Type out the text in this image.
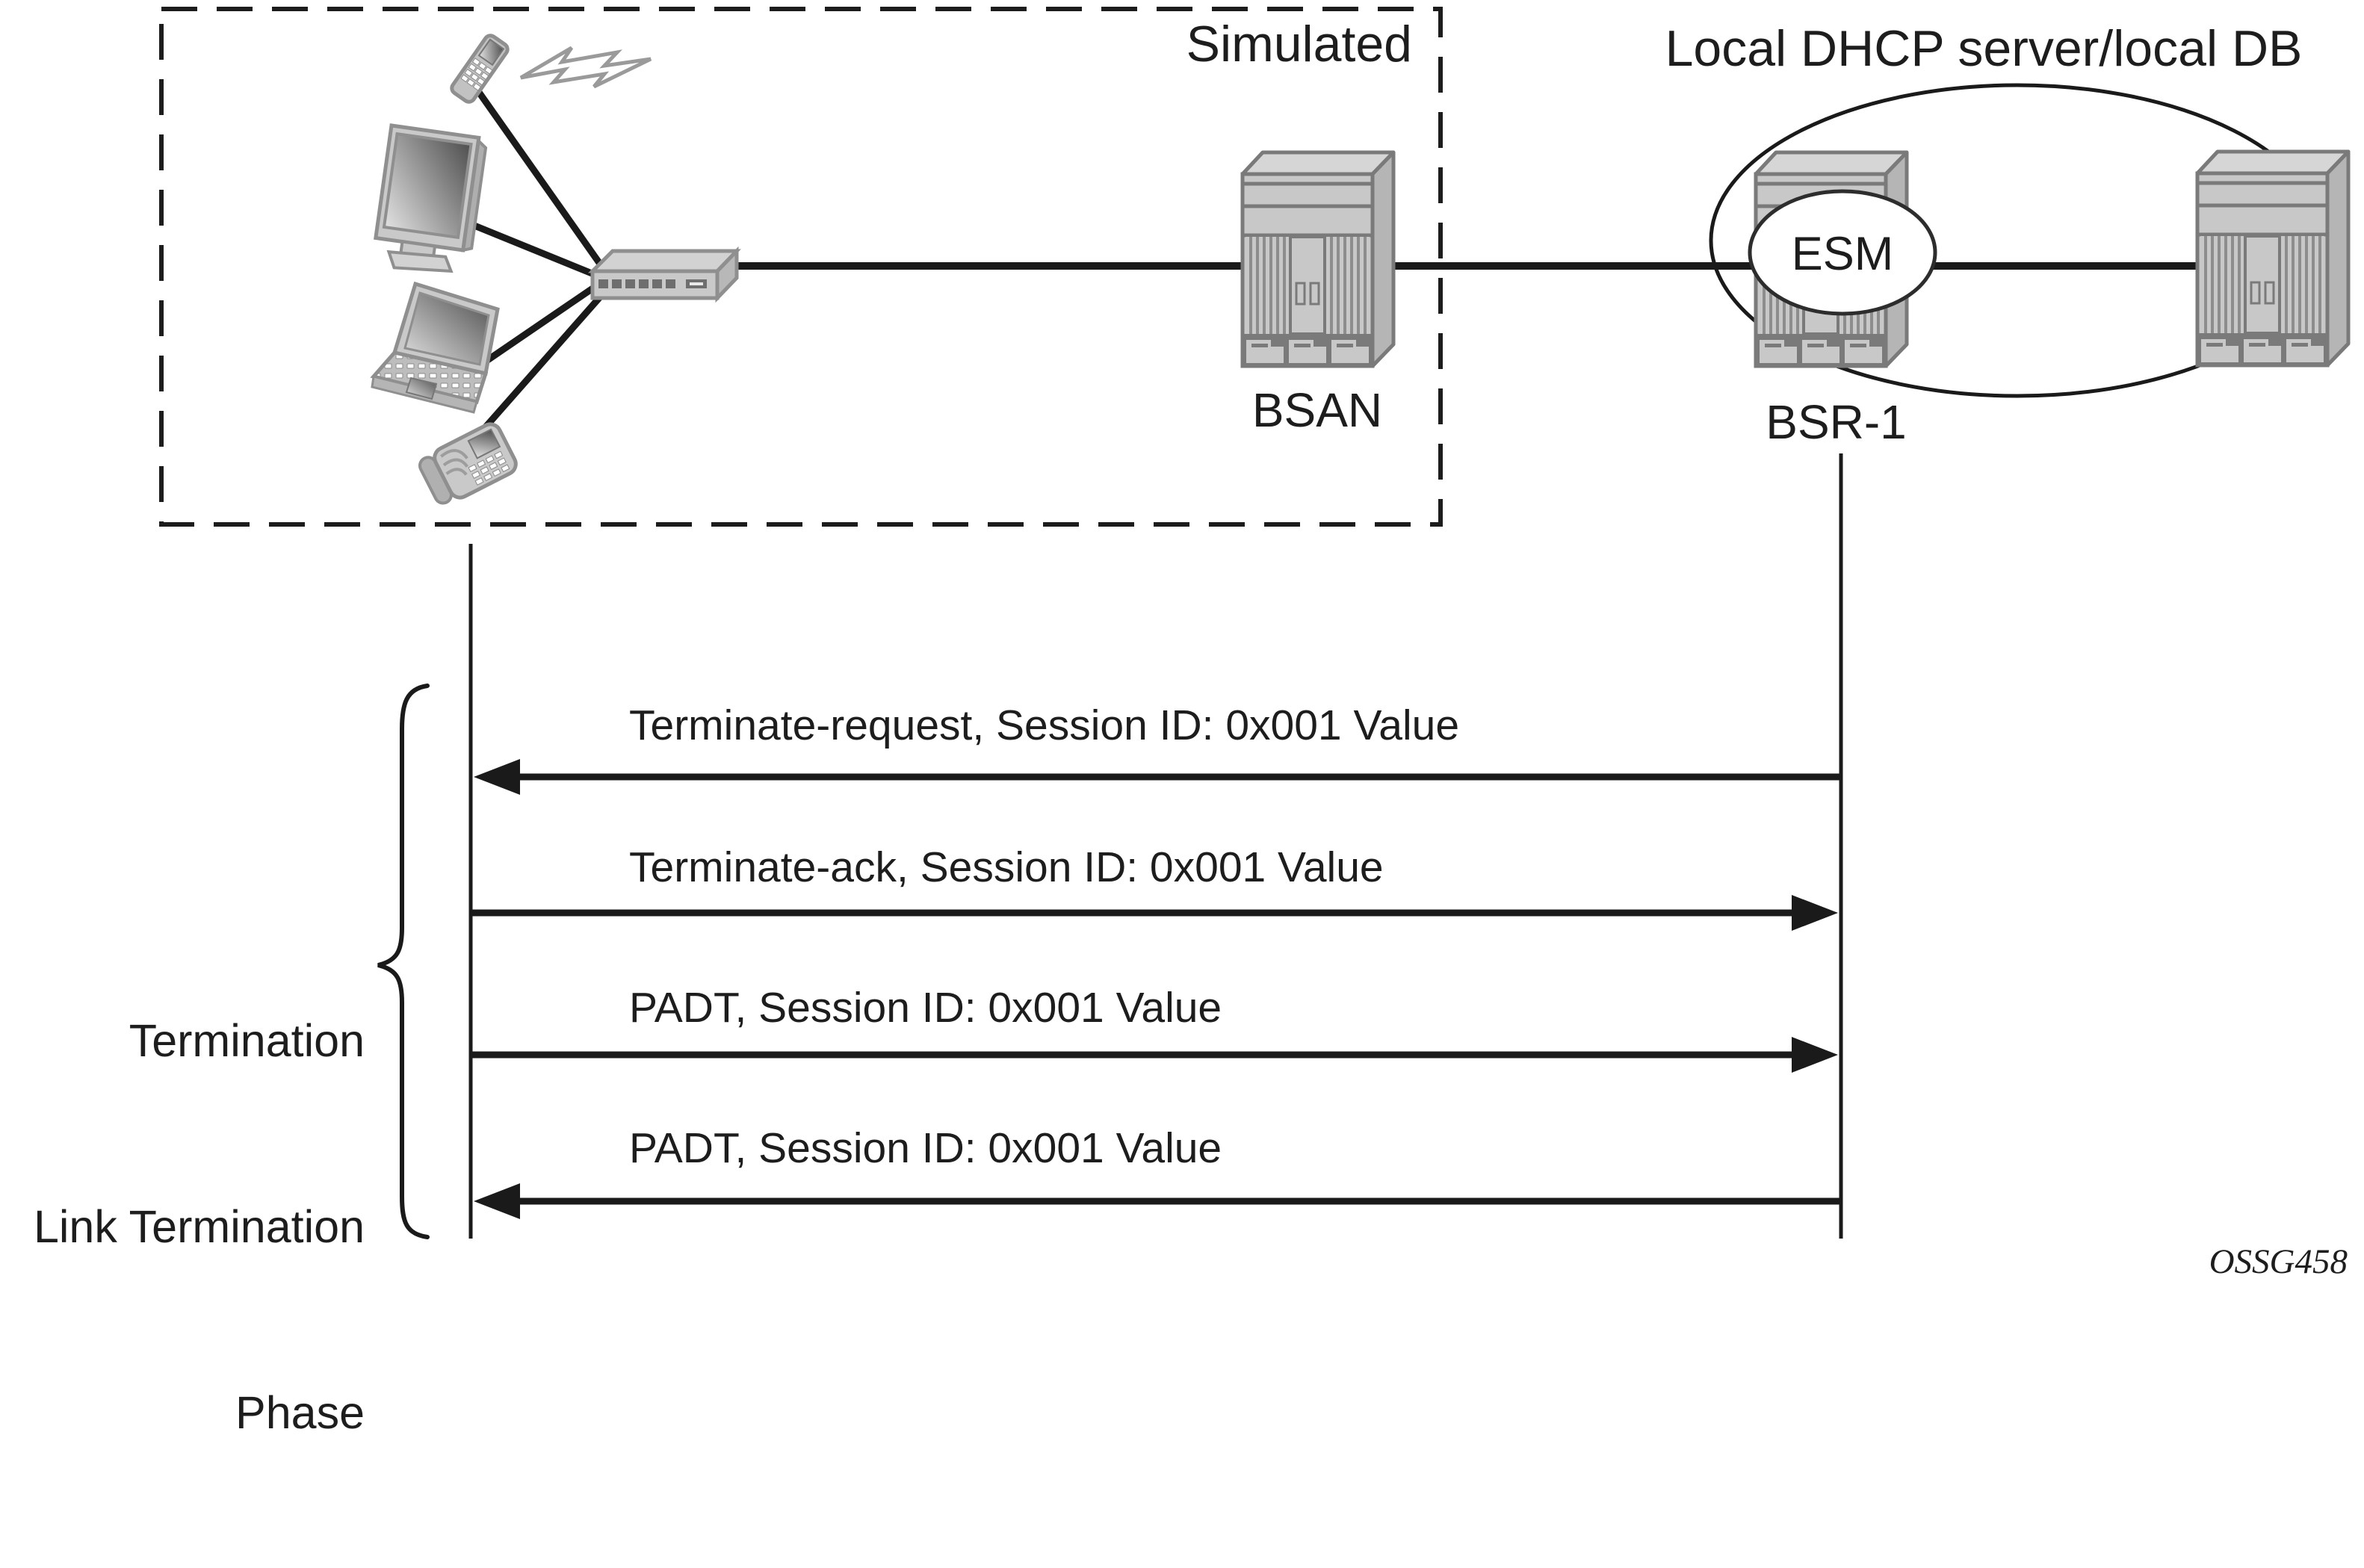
Simulated	Local DHCP server/local DB
BSAN	BSR-1
ESM
Terminate-request, Session ID: 0x001 Value
Terminate-ack, Session ID: 0x001 Value
PADT, Session ID: 0x001 Value
PADT, Session ID: 0x001 Value

Termination

Link Termination

Phase

OSSG458
